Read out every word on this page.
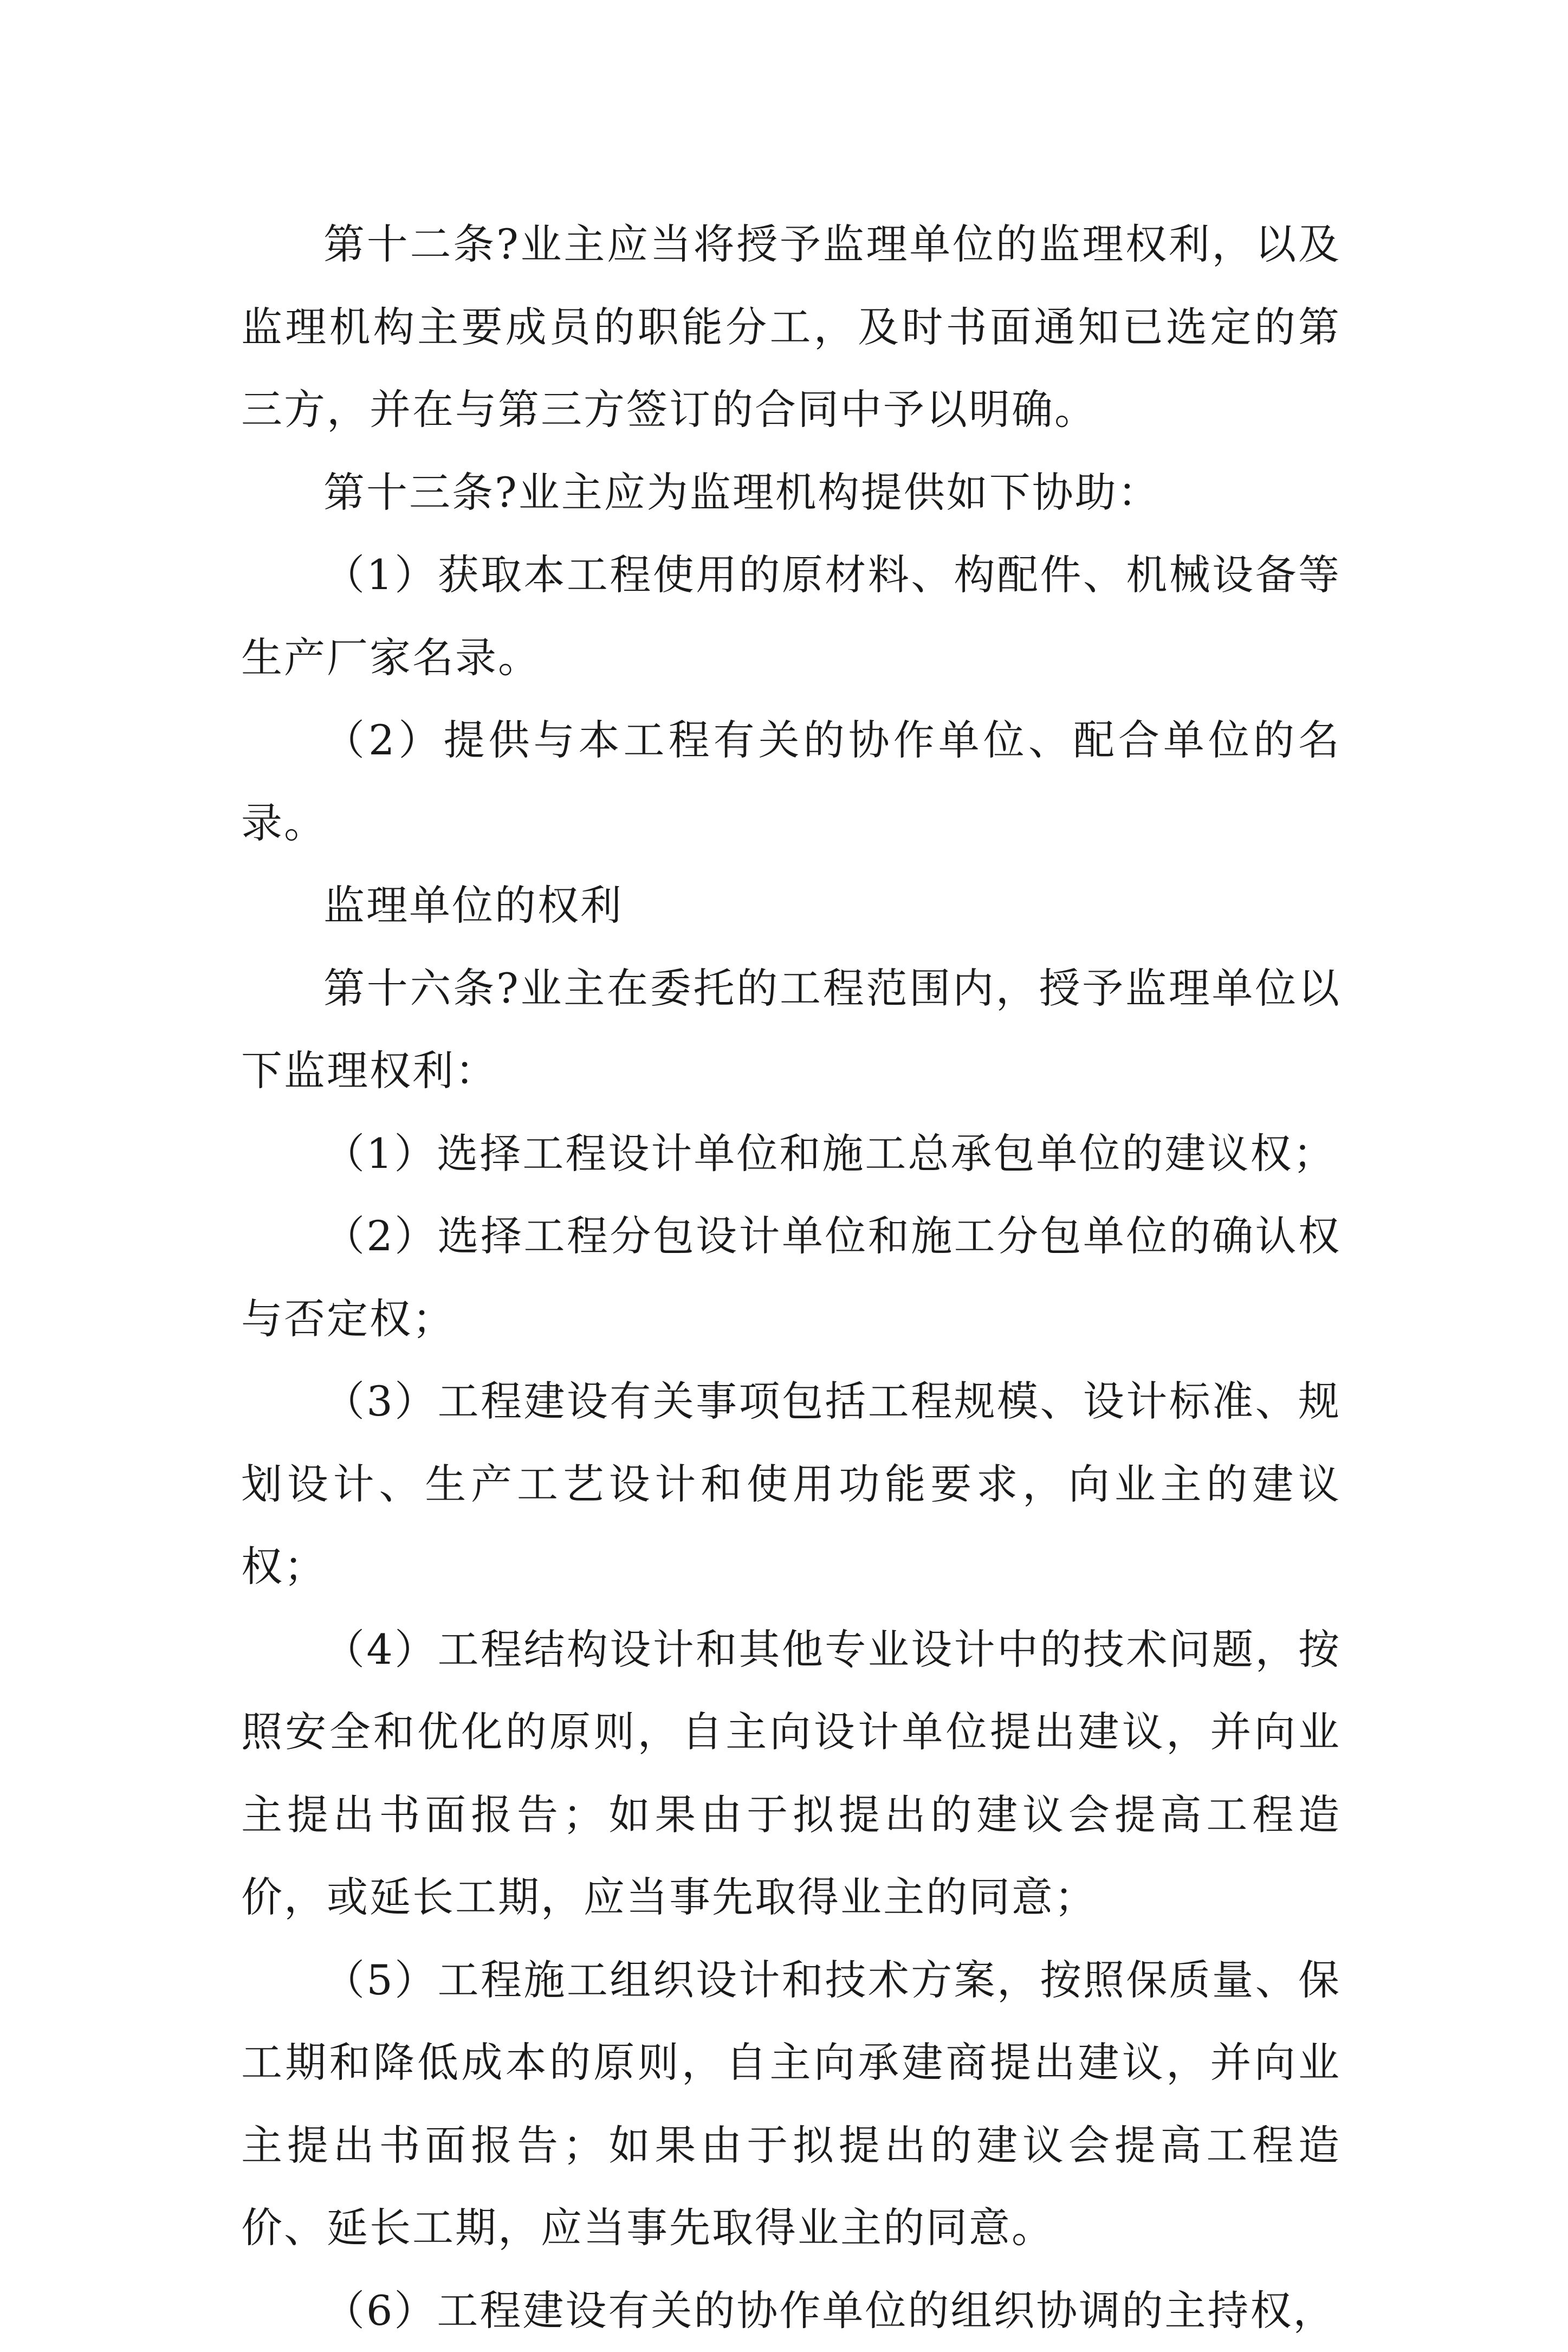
第十二条?业主应当将授予监理单位的监理权利，以及监理机构主要成员的职能分工，及时书面通知已选定的第三方，并在与第三方签订的合同中予以明确。

第十三条?业主应为监理机构提供如下协助：

（1）获取本工程使用的原材料、构配件、机械设备等生产厂家名录。

（2）提供与本工程有关的协作单位、配合单位的名录。

监理单位的权利

第十六条?业主在委托的工程范围内，授予监理单位以下监理权利：

（1）选择工程设计单位和施工总承包单位的建议权；

（2）选择工程分包设计单位和施工分包单位的确认权与否定权；

（3）工程建设有关事项包括工程规模、设计标准、规划设计、生产工艺设计和使用功能要求，向业主的建议权；

（4）工程结构设计和其他专业设计中的技术问题，按照安全和优化的原则，自主向设计单位提出建议，并向业主提出书面报告；如果由于拟提出的建议会提高工程造价，或延长工期，应当事先取得业主的同意；

（5）工程施工组织设计和技术方案，按照保质量、保工期和降低成本的原则，自主向承建商提出建议，并向业主提出书面报告；如果由于拟提出的建议会提高工程造价、延长工期，应当事先取得业主的同意。

（6）工程建设有关的协作单位的组织协调的主持权，
